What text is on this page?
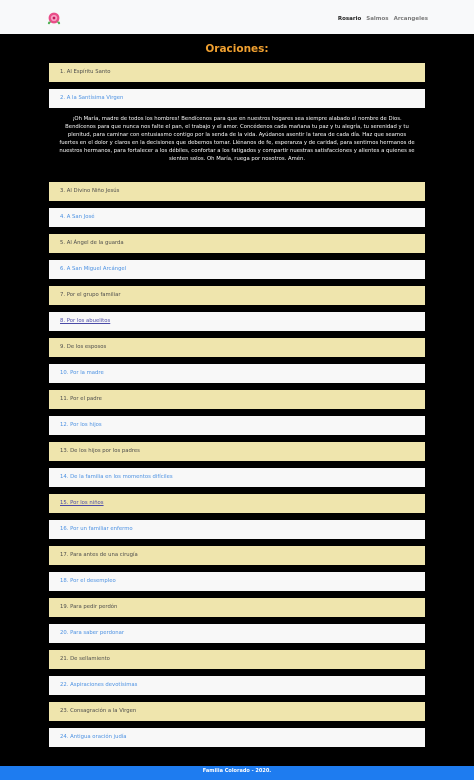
Rosario Salmos Arcangeles
Oraciones:
1. Al Espíritu Santo
2. A la Santísima Virgen
¡Oh María, madre de todos los hombres! Bendícenos para que en nuestros hogares sea siempre alabado el nombre de Dios. Bendícenos para que nunca nos falte el pan, el trabajo y el amor. Concédenos cada mañana tu paz y tu alegría, tu serenidad y tu plenitud, para caminar con entusiasmo contigo por la senda de la vida. Ayúdanos asentir la tarea de cada día. Haz que seamos fuertes en el dolor y claros en la decisiones que debemos tomar. Llénanos de fe, esperanza y de caridad, para sentirnos hermanos de nuestros hermanos, para fortalecer a los débiles, confortar a los fatigados y compartir nuestras satisfacciones y alientes a quienes se sienten solos. Oh María, ruega por nosotros. Amén.
3. Al Divino Niño Jesús
4. A San José
5. Al Ángel de la guarda
6. A San Miguel Arcángel
7. Por el grupo familiar
8. Por los abuelitos
9. De los esposos
10. Por la madre
11. Por el padre
12. Por los hijos
13. De los hijos por los padres
14. De la familia en los momentos difíciles
15. Por los niños
16. Por un familiar enfermo
17. Para antes de una cirugía
18. Por el desempleo
19. Para pedir perdón
20. Para saber perdonar
21. De sellamiento
22. Aspiraciones devotísimas
23. Consagración a la Virgen
24. Antigua oración judía
Familia Colorado - 2020.
